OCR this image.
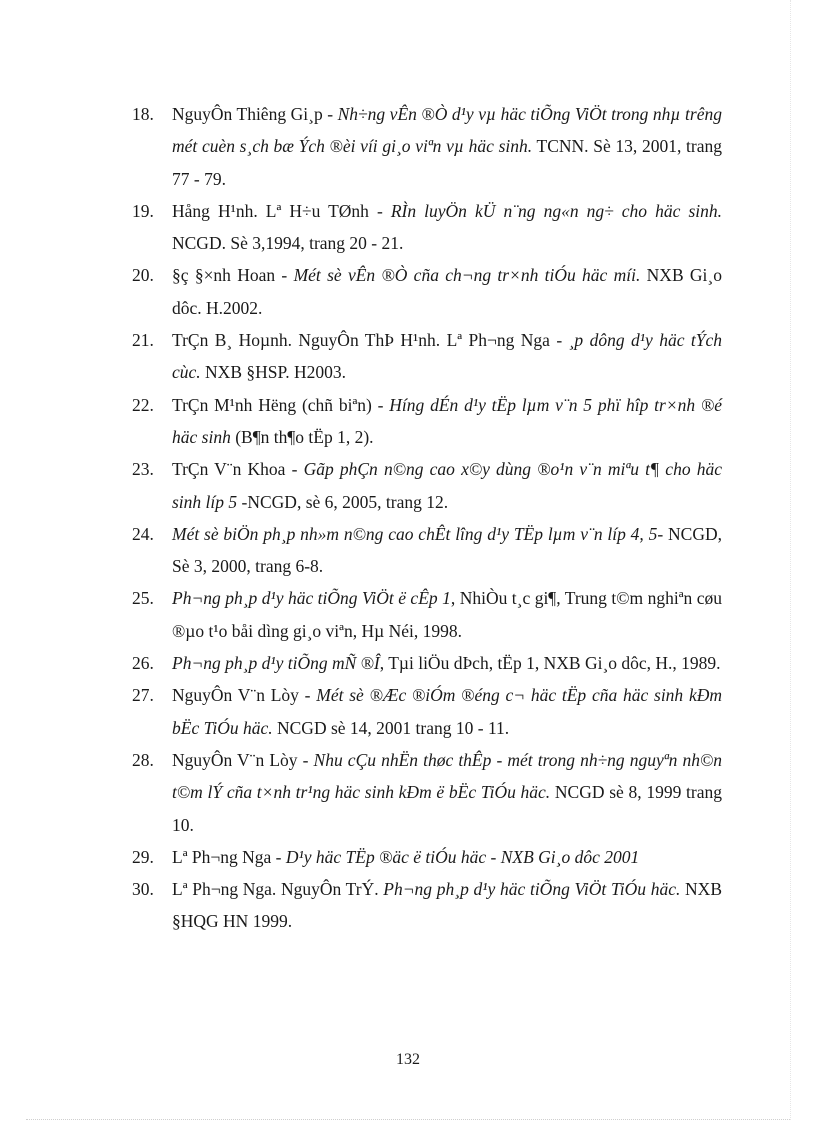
18.	NguyÔn Thiêng Gi¸p - Nh÷ng vÊn ®Ò d¹y vµ häc tiÕng ViÖt trong nhµ trêng mét cuèn s¸ch bæ Ých ®èi víi gi¸o viªn vµ häc sinh. TCNN. Sè 13, 2001, trang 77 - 79.
19.	Hång H¹nh. Lª H÷u TØnh - RÌn luyÖn kÜ n¨ng ng«n ng÷ cho häc sinh. NCGD. Sè 3,1994, trang 20 - 21.
20.	§ç §×nh Hoan - Mét sè vÊn ®Ò cña ch¬ng tr×nh tiÓu häc míi. NXB Gi¸o dôc. H.2002.
21.	TrÇn B¸ Hoµnh. NguyÔn ThÞ H¹nh. Lª Ph¬ng Nga - ¸p dông d¹y häc tÝch cùc. NXB §HSP. H2003.
22.	TrÇn M¹nh Hëng (chñ biªn) - Híng dÉn d¹y tËp lµm v¨n 5 phï hîp tr×nh ®é häc sinh (B¶n th¶o tËp 1, 2).
23.	TrÇn V¨n Khoa - Gãp phÇn n©ng cao x©y dùng ®o¹n v¨n miªu t¶ cho häc sinh líp 5 -NCGD, sè 6, 2005, trang 12.
24.	Mét sè biÖn ph¸p nh»m n©ng cao chÊt lîng d¹y TËp lµm v¨n líp 4, 5- NCGD, Sè 3, 2000, trang 6-8.
25.	Ph¬ng ph¸p d¹y häc tiÕng ViÖt ë cÊp 1, NhiÒu t¸c gi¶, Trung t©m nghiªn cøu ®µo t¹o båi dìng gi¸o viªn, Hµ Néi, 1998.
26.	Ph¬ng ph¸p d¹y tiÕng mÑ ®Î, Tµi liÖu dÞch, tËp 1, NXB Gi¸o dôc, H., 1989.
27.	NguyÔn V¨n Lòy - Mét sè ®Æc ®iÓm ®éng c¬ häc tËp cña häc sinh kÐm bËc TiÓu häc. NCGD sè 14, 2001 trang 10 - 11.
28.	NguyÔn V¨n Lòy - Nhu cÇu nhËn thøc thÊp - mét trong nh÷ng nguyªn nh©n t©m lÝ cña t×nh tr¹ng häc sinh kÐm ë bËc TiÓu häc. NCGD sè 8, 1999 trang 10.
29.	Lª Ph¬ng Nga - D¹y häc TËp ®äc ë tiÓu häc - NXB Gi¸o dôc 2001
30.	Lª Ph¬ng Nga. NguyÔn TrÝ. Ph¬ng ph¸p d¹y häc tiÕng ViÖt TiÓu häc. NXB §HQG HN 1999.
132
